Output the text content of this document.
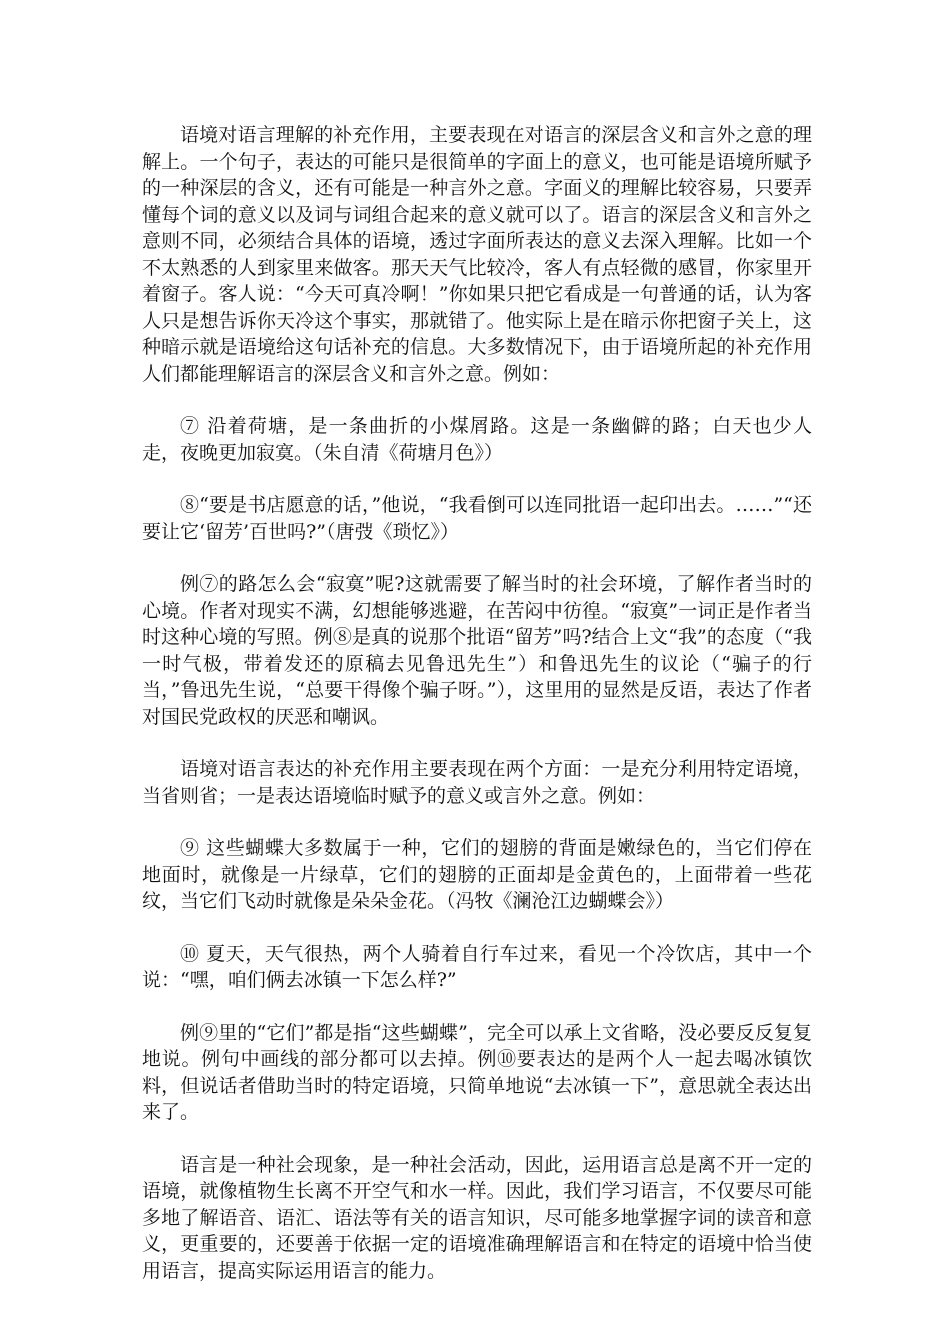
语境对语言理解的补充作用，主要表现在对语言的深层含义和言外之意的理解上。一个句子，表达的可能只是很简单的字面上的意义，也可能是语境所赋予的一种深层的含义，还有可能是一种言外之意。字面义的理解比较容易，只要弄懂每个词的意义以及词与词组合起来的意义就可以了。语言的深层含义和言外之意则不同，必须结合具体的语境，透过字面所表达的意义去深入理解。比如一个不太熟悉的人到家里来做客。那天天气比较冷，客人有点轻微的感冒，你家里开着窗子。客人说：“今天可真冷啊！”你如果只把它看成是一句普通的话，认为客人只是想告诉你天冷这个事实，那就错了。他实际上是在暗示你把窗子关上，这种暗示就是语境给这句话补充的信息。大多数情况下，由于语境所起的补充作用人们都能理解语言的深层含义和言外之意。例如：

⑦ 沿着荷塘，是一条曲折的小煤屑路。这是一条幽僻的路；白天也少人走，夜晚更加寂寞。（朱自清《荷塘月色》）

⑧“要是书店愿意的话，”他说，“我看倒可以连同批语一起印出去。……”“还要让它‘留芳’百世吗?”（唐弢《琐忆》）

例⑦的路怎么会“寂寞”呢?这就需要了解当时的社会环境，了解作者当时的心境。作者对现实不满，幻想能够逃避，在苦闷中彷徨。“寂寞”一词正是作者当时这种心境的写照。例⑧是真的说那个批语“留芳”吗?结合上文“我”的态度（“我一时气极，带着发还的原稿去见鲁迅先生”）和鲁迅先生的议论（“骗子的行当，”鲁迅先生说，“总要干得像个骗子呀。”），这里用的显然是反语，表达了作者对国民党政权的厌恶和嘲讽。

语境对语言表达的补充作用主要表现在两个方面：一是充分利用特定语境，当省则省；一是表达语境临时赋予的意义或言外之意。例如：

⑨ 这些蝴蝶大多数属于一种，它们的翅膀的背面是嫩绿色的，当它们停在地面时，就像是一片绿草，它们的翅膀的正面却是金黄色的，上面带着一些花纹，当它们飞动时就像是朵朵金花。（冯牧《澜沧江边蝴蝶会》）

⑩ 夏天，天气很热，两个人骑着自行车过来，看见一个冷饮店，其中一个说：“嘿，咱们俩去冰镇一下怎么样?”

例⑨里的“它们”都是指“这些蝴蝶”，完全可以承上文省略，没必要反反复复地说。例句中画线的部分都可以去掉。例⑩要表达的是两个人一起去喝冰镇饮料，但说话者借助当时的特定语境，只简单地说“去冰镇一下”，意思就全表达出来了。

语言是一种社会现象，是一种社会活动，因此，运用语言总是离不开一定的语境，就像植物生长离不开空气和水一样。因此，我们学习语言，不仅要尽可能多地了解语音、语汇、语法等有关的语言知识，尽可能多地掌握字词的读音和意义，更重要的，还要善于依据一定的语境准确理解语言和在特定的语境中恰当使用语言，提高实际运用语言的能力。
